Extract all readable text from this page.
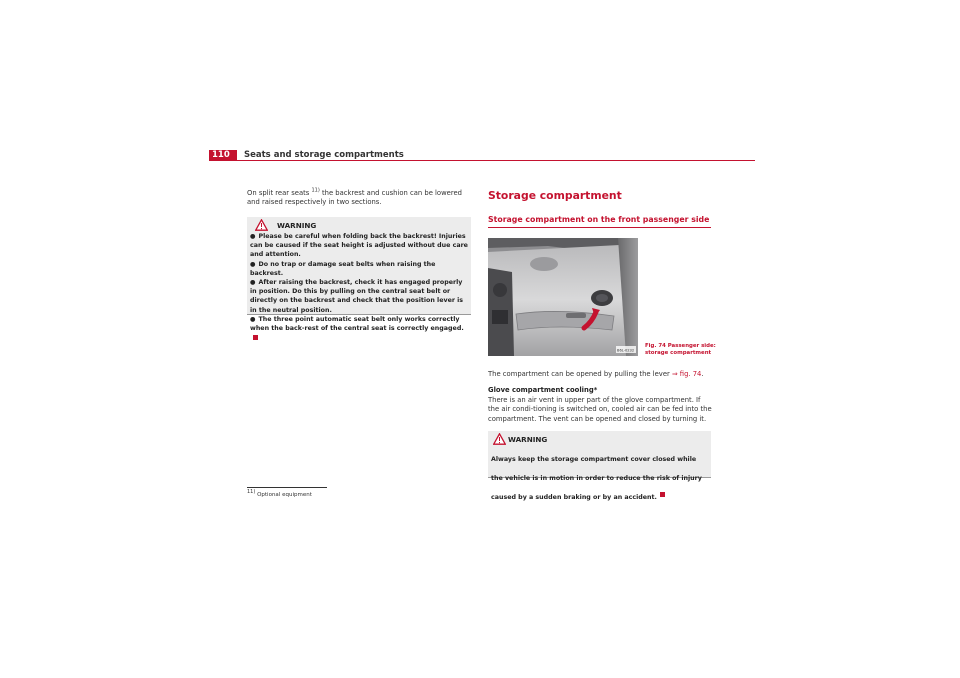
110	Seats and storage compartments

On split rear seats $^{11)}$ the backrest and cushion can be lowered and raised respectively in two sections.

WARNING
● Please be careful when folding back the backrest! Injuries can be caused if the seat height is adjusted without due care and attention.
● Do no trap or damage seat belts when raising the backrest.
● After raising the backrest, check it has engaged properly in position. Do this by pulling on the central seat belt or directly on the backrest and check that the position lever is in the neutral position.
● The three point automatic seat belt only works correctly when the back-rest of the central seat is correctly engaged.
$^{11)}$ Optional equipment
Storage compartment
Storage compartment on the front passenger side
B6L-0232
Fig. 74 Passenger side: storage compartment

The compartment can be opened by pulling the lever ⇒ fig. 74.

Glove compartment cooling*

There is an air vent in upper part of the glove compartment. If the air condi-tioning is switched on, cooled air can be fed into the compartment. The vent can be opened and closed by turning it.

WARNING

Always keep the storage compartment cover closed while the vehicle is in motion in order to reduce the risk of injury caused by a sudden braking or by an accident.
